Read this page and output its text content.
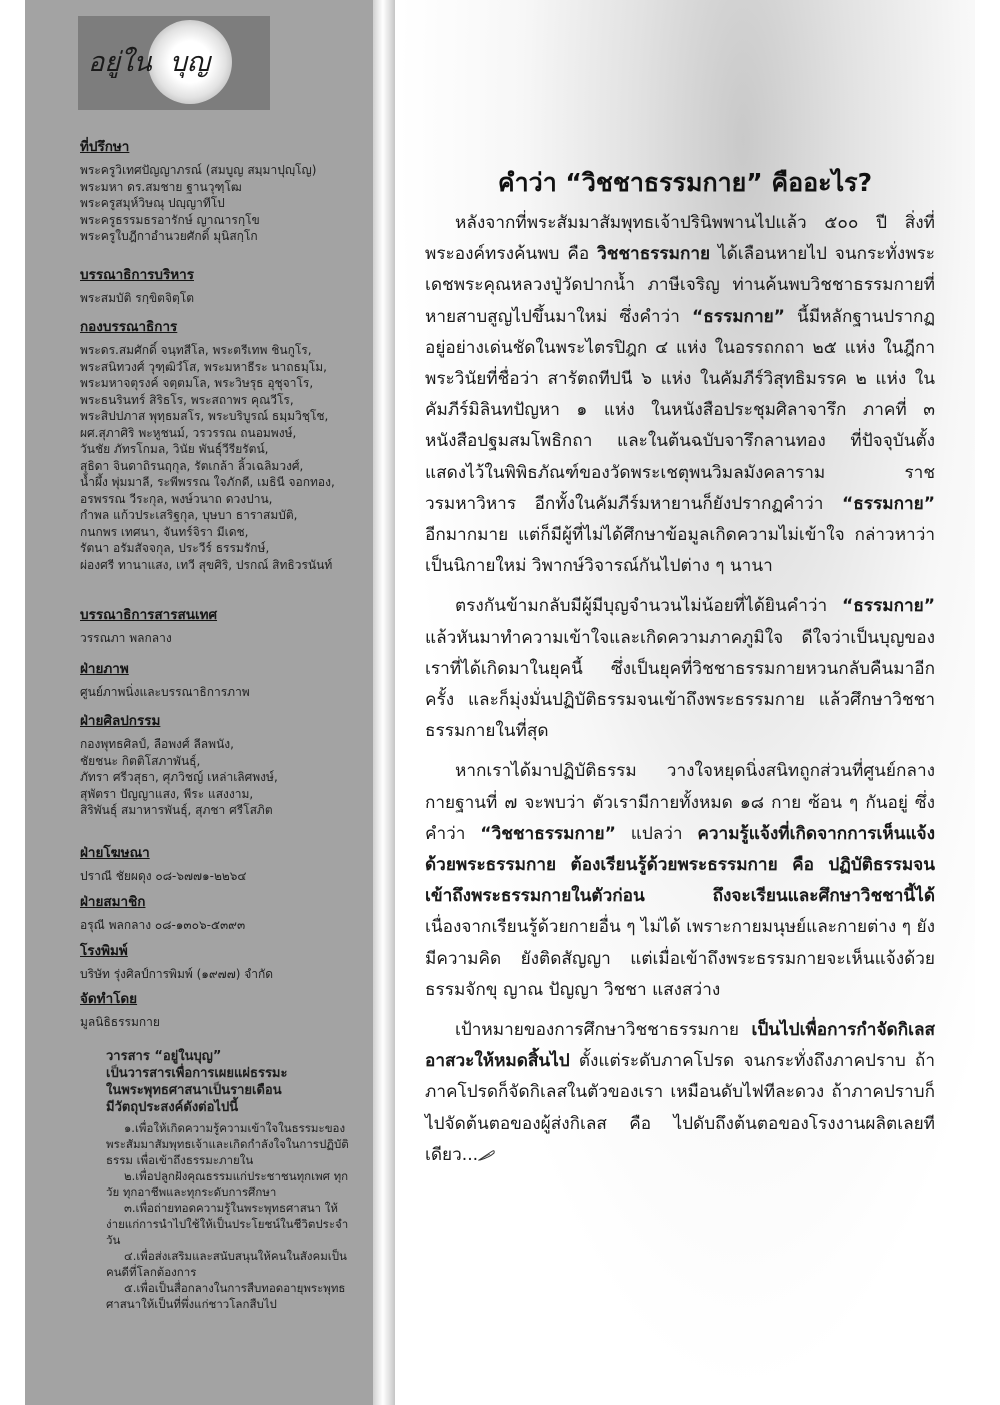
อยู่ใน บุญ
ที่ปรึกษา
พระครูวิเทศปัญญาภรณ์ (สมบูญ สมฺมาปุญฺโญ)
พระมหา ดร.สมชาย ฐานวุฑฺโฒ
พระครูสมุห์วิษณุ ปญฺญาทีโป
พระครูธรรมธรอารักษ์ ญาณารกฺโข
พระครูใบฎีกาอำนวยศักดิ์ มุนิสกฺโก
บรรณาธิการบริหาร
พระสมบัติ รกฺขิตจิตฺโต
กองบรรณาธิการ
พระดร.สมศักดิ์ จนฺทสีโล, พระตรีเทพ ชินกูโร,
พระสนิทวงศ์ วุฑฺฒิวํโส, พระมหาธีระ นาถธมฺโม,
พระมหาจตุรงค์ จตฺตมโล, พระวิษรุธ อุชุจาโร,
พระธนรินทร์ สิริธโร, พระสถาพร คุณวีโร,
พระสิปปภาส พุทฺธมสโร, พระบริบูรณ์ ธมฺมวิชฺโช,
ผศ.สุภาศิริ พะหูชนม์, วรวรรณ ถนอมพงษ์,
วันชัย ภัทรโกมล, วินัย พันธุ์วีรียรัตน์,
สุธิดา จินดาถิรนฤกุล, รัตเกล้า ลิ้วเฉลิมวงศ์,
น้ำผึ้ง พุ่มมาลี, ระพีพรรณ ใจภักดี, เมธินี จอกทอง,
อรพรรณ วีระกุล, พงษ์วนาถ ดวงปาน,
กำพล แก้วประเสริฐกุล, บุษบา ธาราสมบัติ,
กนกพร เทศนา, จันทร์จิรา มีเดช,
รัตนา อรัมสัจจกุล, ประวีร์ ธรรมรักษ์,
ผ่องศรี ทานาแสง, เทวี สุขศิริ, ปรกณ์ สิทธิวรนันท์
บรรณาธิการสารสนเทศ
วรรณภา พลกลาง
ฝ่ายภาพ
ศูนย์ภาพนิ่งและบรรณาธิการภาพ
ฝ่ายศิลปกรรม
กองพุทธศิลป์, ลือพงศ์ ลีลพนัง,
ชัยชนะ กิตติโสภาพันธุ์,
ภัทรา ศรีวสุธา, ศุภวิชญ์ เหล่าเลิศพงษ์,
สุพัตรา ปัญญาแสง, พีระ แสงงาม,
สิริพันธุ์ สมาหารพันธุ์, สุภชา ศรีโสภิต
ฝ่ายโฆษณา
ปราณี ชัยผดุง ๐๘-๖๗๗๑-๒๒๖๔
ฝ่ายสมาชิก
อรุณี พลกลาง ๐๘-๑๓๐๖-๕๓๙๓
โรงพิมพ์
บริษัท รุ่งศิลป์การพิมพ์ (๑๙๗๗) จำกัด
จัดทำโดย
มูลนิธิธรรมกาย
วารสาร “อยู่ในบุญ”
เป็นวารสารเพื่อการเผยแผ่ธรรมะ
ในพระพุทธศาสนาเป็นรายเดือน
มีวัตถุประสงค์ดังต่อไปนี้

๑.เพื่อให้เกิดความรู้ความเข้าใจในธรรมะของพระสัมมาสัมพุทธเจ้าและเกิดกำลังใจในการปฏิบัติธรรม เพื่อเข้าถึงธรรมะภายใน

๒.เพื่อปลูกฝังคุณธรรมแก่ประชาชนทุกเพศ ทุกวัย ทุกอาชีพและทุกระดับการศึกษา

๓.เพื่อถ่ายทอดความรู้ในพระพุทธศาสนา ให้ง่ายแก่การนำไปใช้ให้เป็นประโยชน์ในชีวิตประจำวัน

๔.เพื่อส่งเสริมและสนับสนุนให้คนในสังคมเป็นคนดีที่โลกต้องการ

๕.เพื่อเป็นสื่อกลางในการสืบทอดอายุพระพุทธศาสนาให้เป็นที่พึ่งแก่ชาวโลกสืบไป

คำว่า “วิชชาธรรมกาย” คืออะไร?

หลังจากที่พระสัมมาสัมพุทธเจ้าปรินิพพานไปแล้ว ๕๐๐ ปี สิ่งที่พระองค์ทรงค้นพบ คือ วิชชาธรรมกาย ได้เลือนหายไป จนกระทั่งพระเดชพระคุณหลวงปู่วัดปากน้ำ ภาษีเจริญ ท่านค้นพบวิชชาธรรมกายที่หายสาบสูญไปขึ้นมาใหม่ ซึ่งคำว่า “ธรรมกาย” นี้มีหลักฐานปรากฏอยู่อย่างเด่นชัดในพระไตรปิฎก ๔ แห่ง ในอรรถกถา ๒๕ แห่ง ในฎีกาพระวินัยที่ชื่อว่า สารัตถทีปนี ๖ แห่ง ในคัมภีร์วิสุทธิมรรค ๒ แห่ง ในคัมภีร์มิลินทปัญหา ๑ แห่ง ในหนังสือประชุมศิลาจารึก ภาคที่ ๓ หนังสือปฐมสมโพธิกถา และในต้นฉบับจารึกลานทอง ที่ปัจจุบันตั้งแสดงไว้ในพิพิธภัณฑ์ของวัดพระเชตุพนวิมลมังคลาราม ราชวรมหาวิหาร อีกทั้งในคัมภีร์มหายานก็ยังปรากฏคำว่า “ธรรมกาย” อีกมากมาย แต่ก็มีผู้ที่ไม่ได้ศึกษาข้อมูลเกิดความไม่เข้าใจ กล่าวหาว่าเป็นนิกายใหม่ วิพากษ์วิจารณ์กันไปต่าง ๆ นานา

ตรงกันข้ามกลับมีผู้มีบุญจำนวนไม่น้อยที่ได้ยินคำว่า “ธรรมกาย” แล้วหันมาทำความเข้าใจและเกิดความภาคภูมิใจ ดีใจว่าเป็นบุญของเราที่ได้เกิดมาในยุคนี้ ซึ่งเป็นยุคที่วิชชาธรรมกายหวนกลับคืนมาอีกครั้ง และก็มุ่งมั่นปฏิบัติธรรมจนเข้าถึงพระธรรมกาย แล้วศึกษาวิชชาธรรมกายในที่สุด

หากเราได้มาปฏิบัติธรรม วางใจหยุดนิ่งสนิทถูกส่วนที่ศูนย์กลางกายฐานที่ ๗ จะพบว่า ตัวเรามีกายทั้งหมด ๑๘ กาย ซ้อน ๆ กันอยู่ ซึ่งคำว่า “วิชชาธรรมกาย” แปลว่า ความรู้แจ้งที่เกิดจากการเห็นแจ้งด้วยพระธรรมกาย ต้องเรียนรู้ด้วยพระธรรมกาย คือ ปฏิบัติธรรมจนเข้าถึงพระธรรมกายในตัวก่อน ถึงจะเรียนและศึกษาวิชชานี้ได้ เนื่องจากเรียนรู้ด้วยกายอื่น ๆ ไม่ได้ เพราะกายมนุษย์และกายต่าง ๆ ยังมีความคิด ยังติดสัญญา แต่เมื่อเข้าถึงพระธรรมกายจะเห็นแจ้งด้วยธรรมจักขุ ญาณ ปัญญา วิชชา แสงสว่าง

เป้าหมายของการศึกษาวิชชาธรรมกาย เป็นไปเพื่อการกำจัดกิเลสอาสวะให้หมดสิ้นไป ตั้งแต่ระดับภาคโปรด จนกระทั่งถึงภาคปราบ ถ้าภาคโปรดก็จัดกิเลสในตัวของเรา เหมือนดับไฟทีละดวง ถ้าภาคปราบก็ไปจัดต้นตอของผู้ส่งกิเลส คือ ไปดับถึงต้นตอของโรงงานผลิตเลยทีเดียว...
